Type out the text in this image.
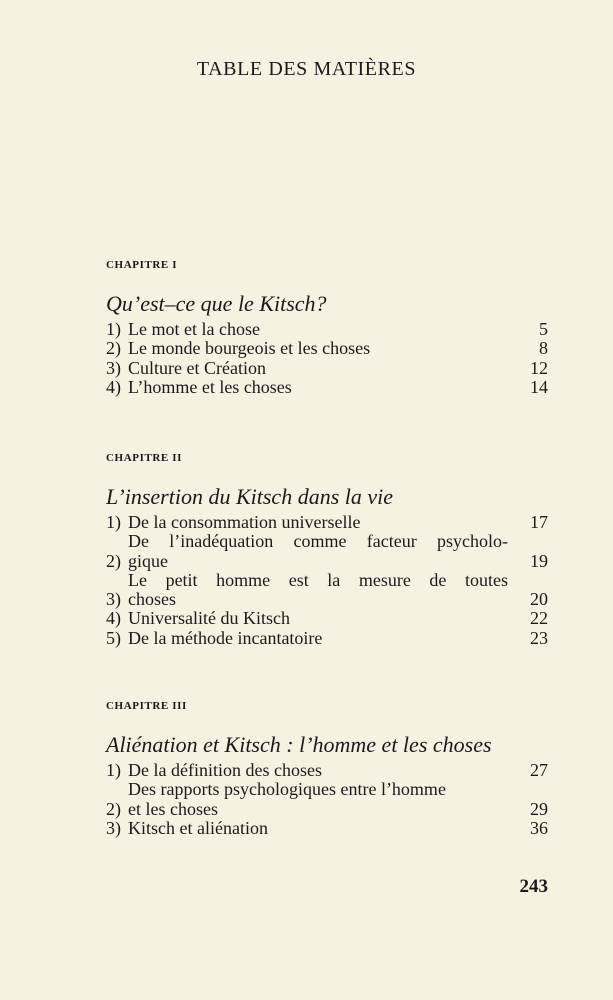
TABLE DES MATIÈRES
CHAPITRE I
Qu’est–ce que le Kitsch?
1) Le mot et la chose	5
2) Le monde bourgeois et les choses	8
3) Culture et Création	12
4) L’homme et les choses	14
CHAPITRE II
L’insertion du Kitsch dans la vie
1) De la consommation universelle	17
2)
De l’inadéquation comme facteur psycholo-
gique	19
3)
Le petit homme est la mesure de toutes
choses	20
4) Universalité du Kitsch	22
5) De la méthode incantatoire	23
CHAPITRE III
Aliénation et Kitsch : l’homme et les choses
1) De la définition des choses	27
2)
Des rapports psychologiques entre l’homme
et les choses	29
3) Kitsch et aliénation	36
243
